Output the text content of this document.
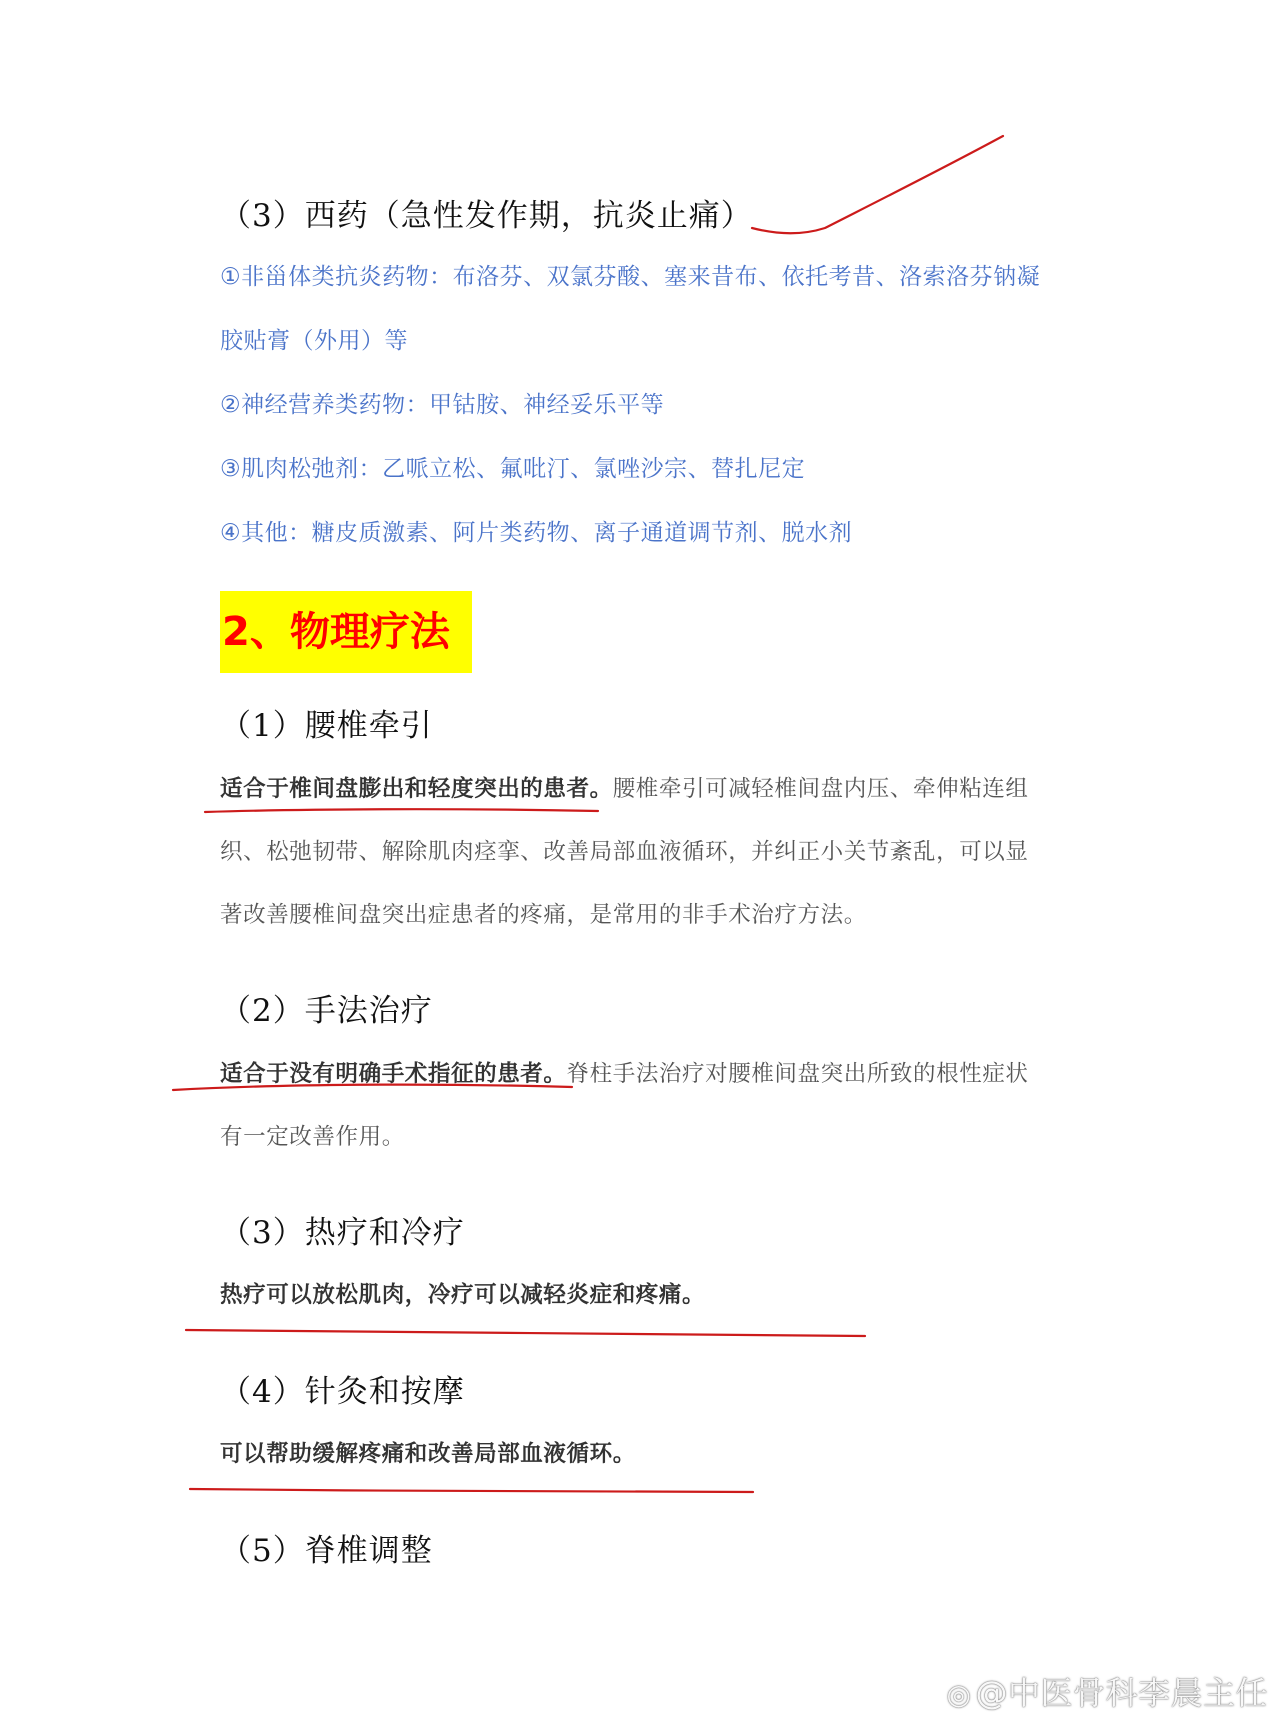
（3）西药（急性发作期，抗炎止痛）
①非甾体类抗炎药物：布洛芬、双氯芬酸、塞来昔布、依托考昔、洛索洛芬钠凝
胶贴膏（外用）等
②神经营养类药物：甲钴胺、神经妥乐平等
③肌肉松弛剂：乙哌立松、氟吡汀、氯唑沙宗、替扎尼定
④其他：糖皮质激素、阿片类药物、离子通道调节剂、脱水剂
2、物理疗法
（1）腰椎牵引
适合于椎间盘膨出和轻度突出的患者。腰椎牵引可减轻椎间盘内压、牵伸粘连组
织、松弛韧带、解除肌肉痉挛、改善局部血液循环，并纠正小关节紊乱，可以显
著改善腰椎间盘突出症患者的疼痛，是常用的非手术治疗方法。
（2）手法治疗
适合于没有明确手术指征的患者。脊柱手法治疗对腰椎间盘突出所致的根性症状
有一定改善作用。
（3）热疗和冷疗
热疗可以放松肌肉，冷疗可以减轻炎症和疼痛。
（4）针灸和按摩
可以帮助缓解疼痛和改善局部血液循环。
（5）脊椎调整
◎ @中医骨科李晨主任
